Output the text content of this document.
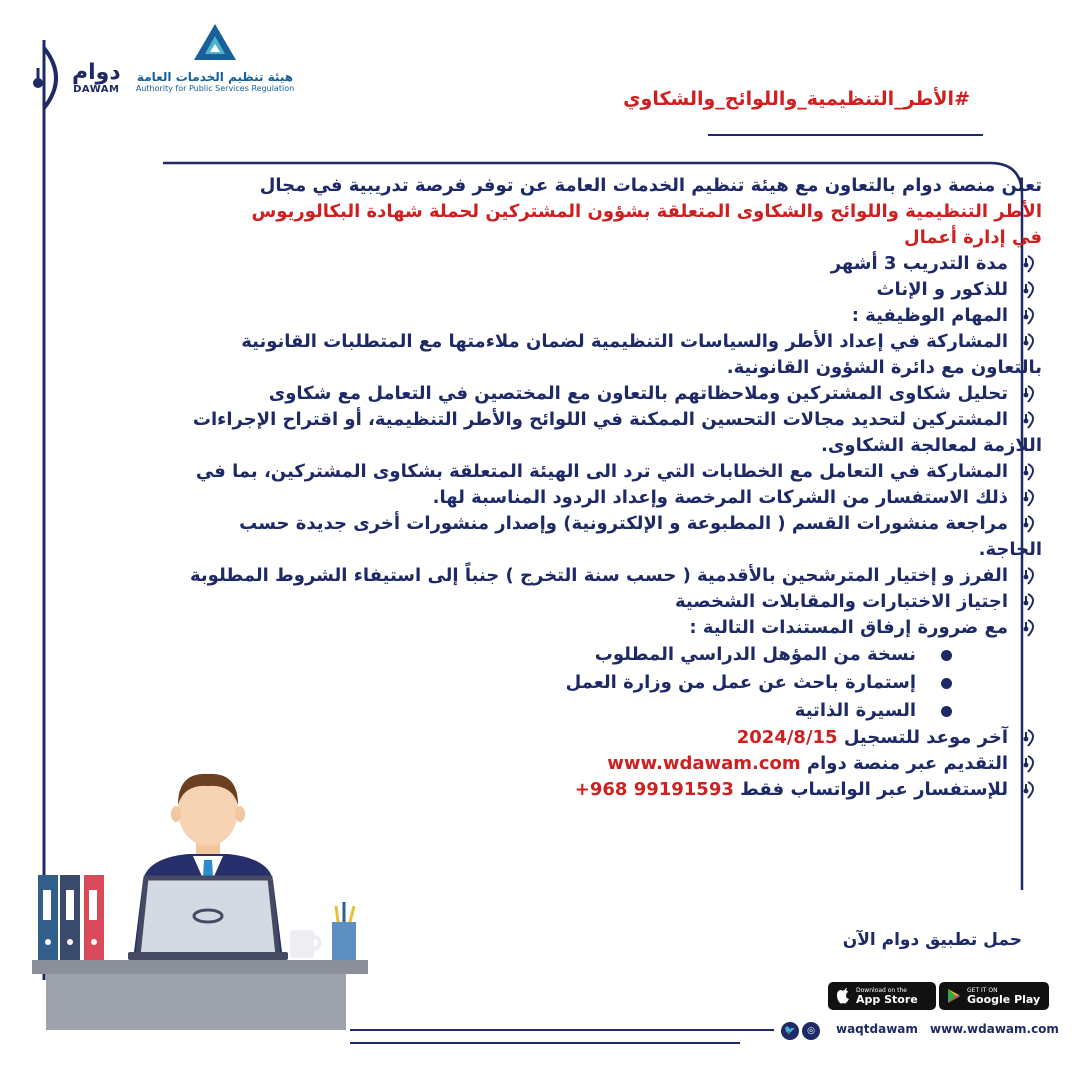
دوام
DAWAM
هيئة تنظيم الخدمات العامة
Authority for Public Services Regulation	#الأطر_التنظيمية_واللوائح_والشكاوي
تعلن منصة دوام بالتعاون مع هيئة تنظيم الخدمات العامة عن توفر فرصة تدريبية في مجال
الأطر التنظيمية واللوائح والشكاوى المتعلقة بشؤون المشتركين لحملة شهادة البكالوريوس
في إدارة أعمال
مدة التدريب 3 أشهر
للذكور و الإناث
المهام الوظيفية :
المشاركة في إعداد الأطر والسياسات التنظيمية لضمان ملاءمتها مع المتطلبات القانونية
بالتعاون مع دائرة الشؤون القانونية.
تحليل شكاوى المشتركين وملاحظاتهم بالتعاون مع المختصين في التعامل مع شكاوى
المشتركين لتحديد مجالات التحسين الممكنة في اللوائح والأطر التنظيمية، أو اقتراح الإجراءات
اللازمة لمعالجة الشكاوى.
المشاركة في التعامل مع الخطابات التي ترد الى الهيئة المتعلقة بشكاوى المشتركين، بما في
ذلك الاستفسار من الشركات المرخصة وإعداد الردود المناسبة لها.
مراجعة منشورات القسم ( المطبوعة و الإلكترونية) وإصدار منشورات أخرى جديدة حسب
الحاجة.
الفرز و إختيار المترشحين بالأقدمية ( حسب سنة التخرج ) جنباً إلى استيفاء الشروط المطلوبة
اجتياز الاختبارات والمقابلات الشخصية
مع ضرورة إرفاق المستندات التالية :
نسخة من المؤهل الدراسي المطلوب
إستمارة باحث عن عمل من وزارة العمل
السيرة الذاتية
آخر موعد للتسجيل 2024/8/15
التقديم عبر منصة دوام www.wdawam.com
للإستفسار عبر الواتساب فقط +968 99191593
حمل تطبيق دوام الآن
Download on the
App Store
GET IT ON
Google Play
🐦	◎	waqtdawam www.wdawam.com
